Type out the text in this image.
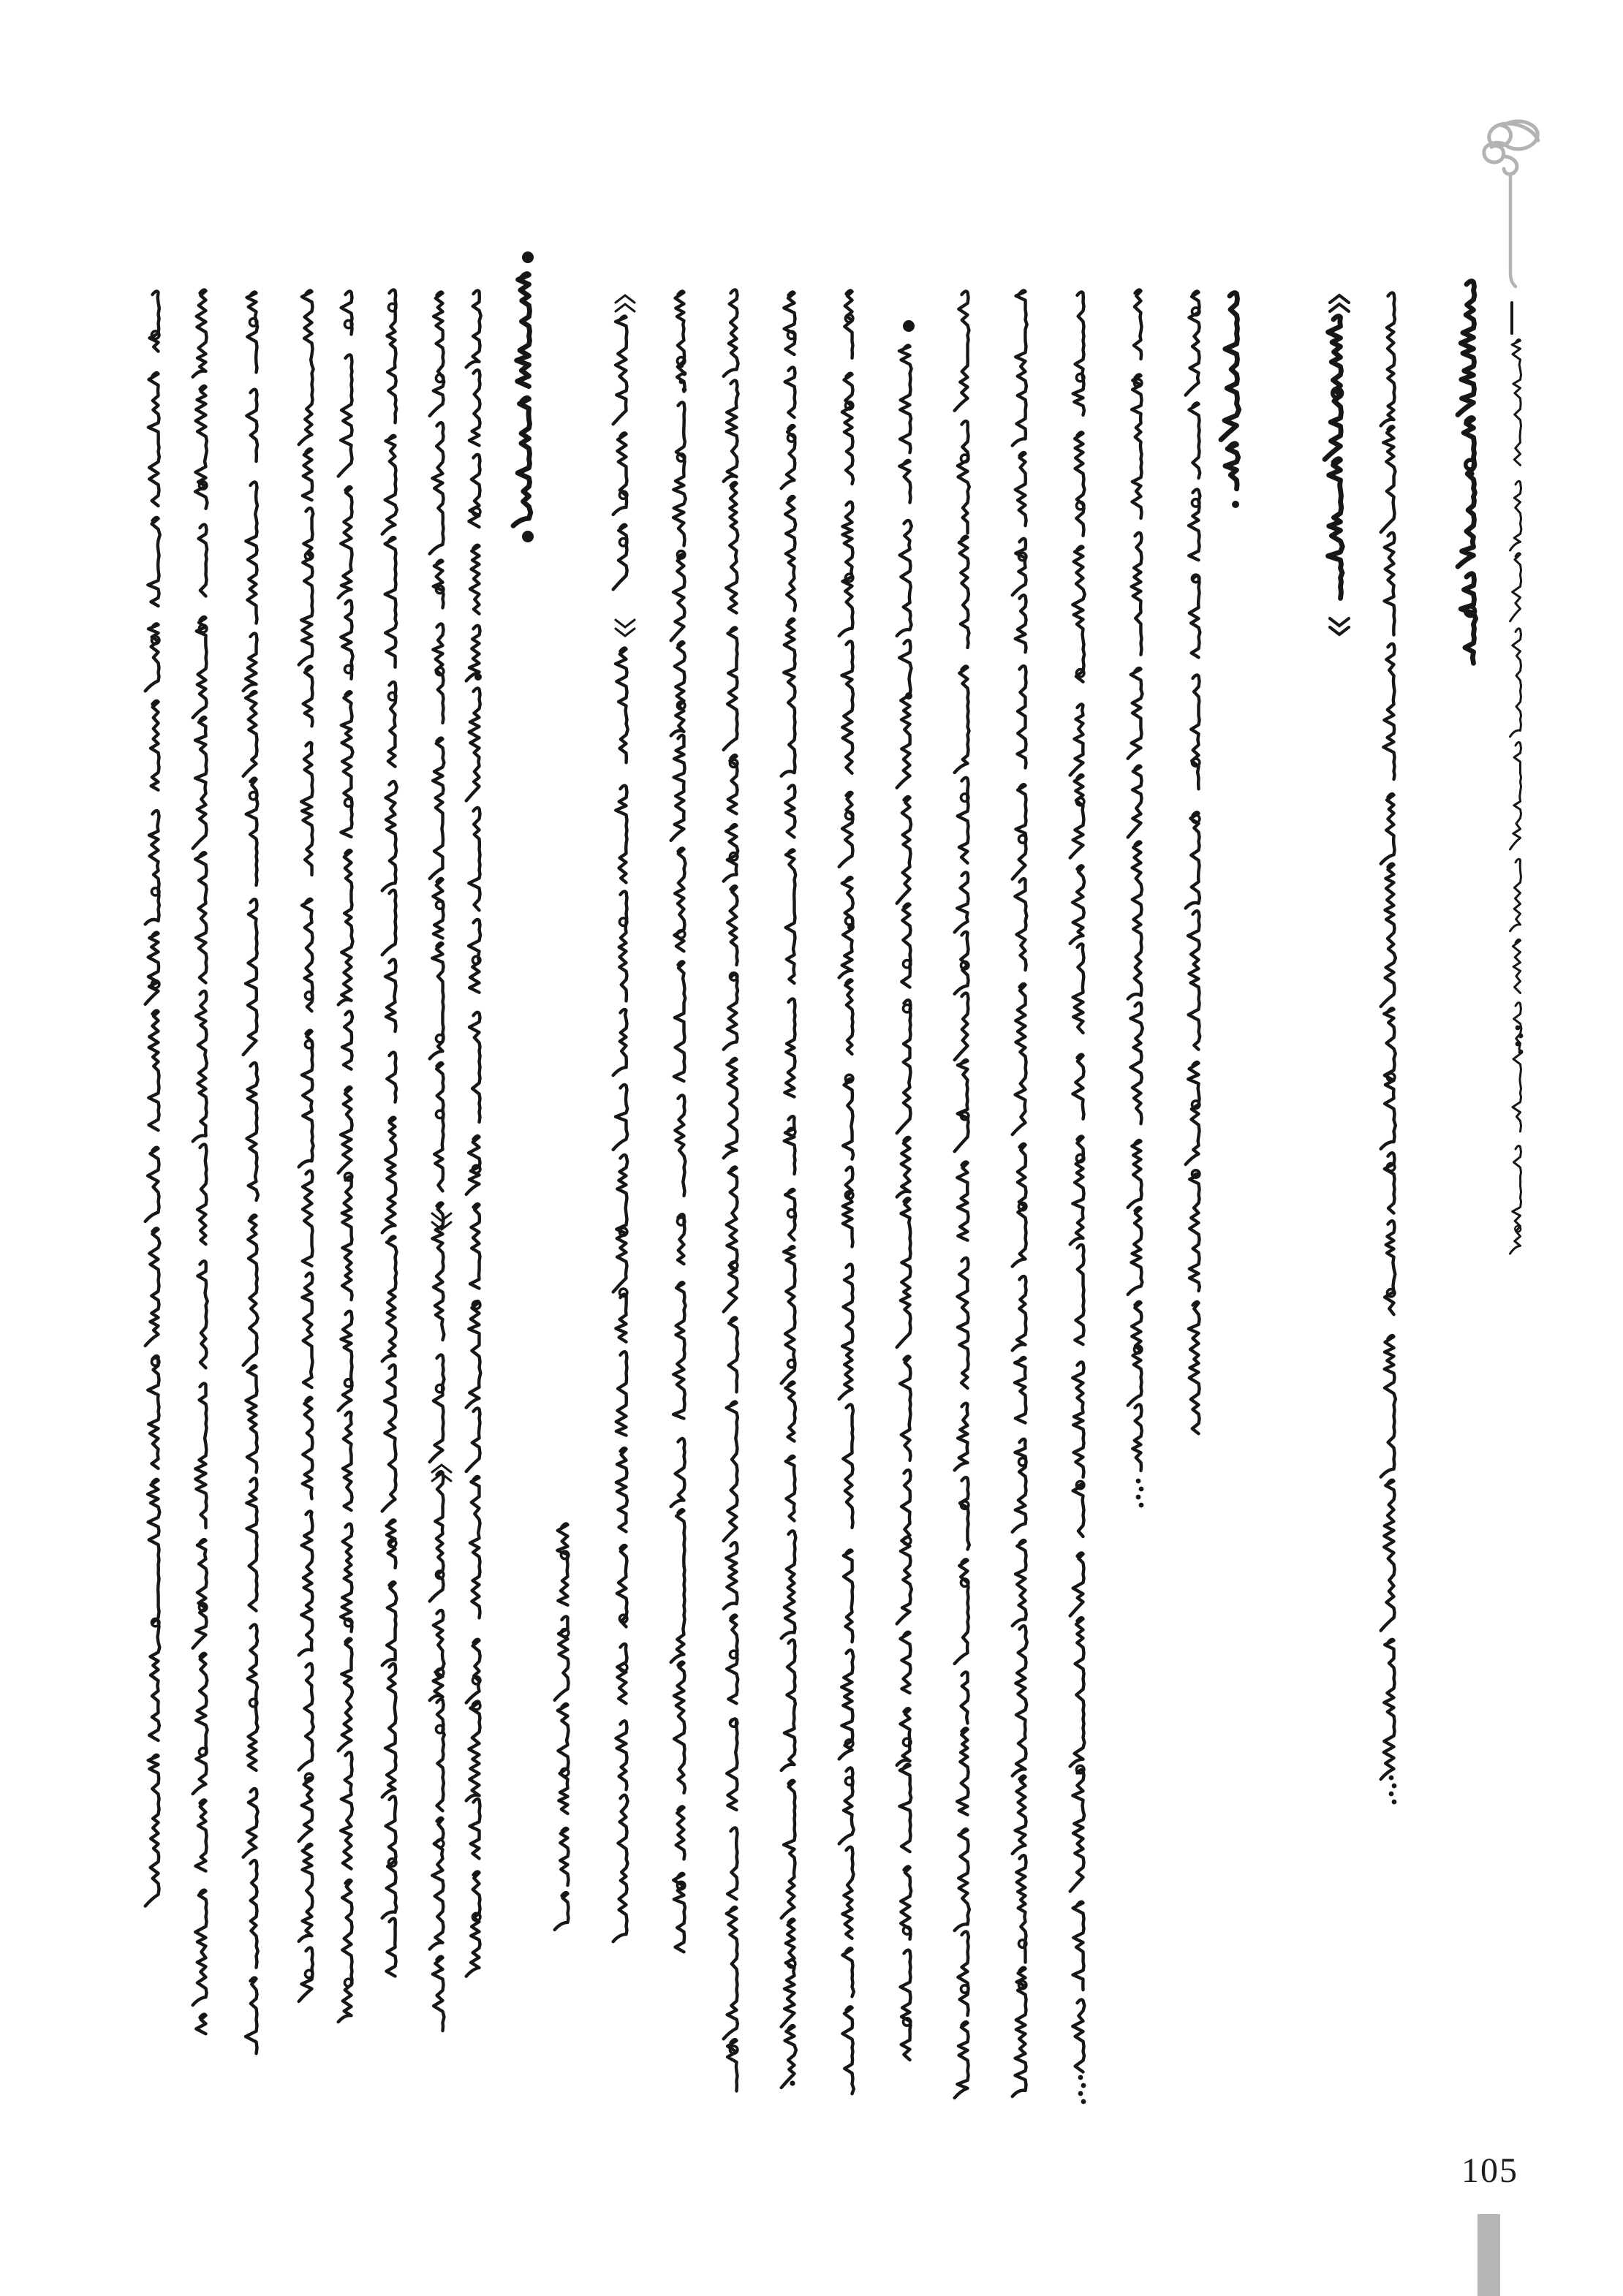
105
